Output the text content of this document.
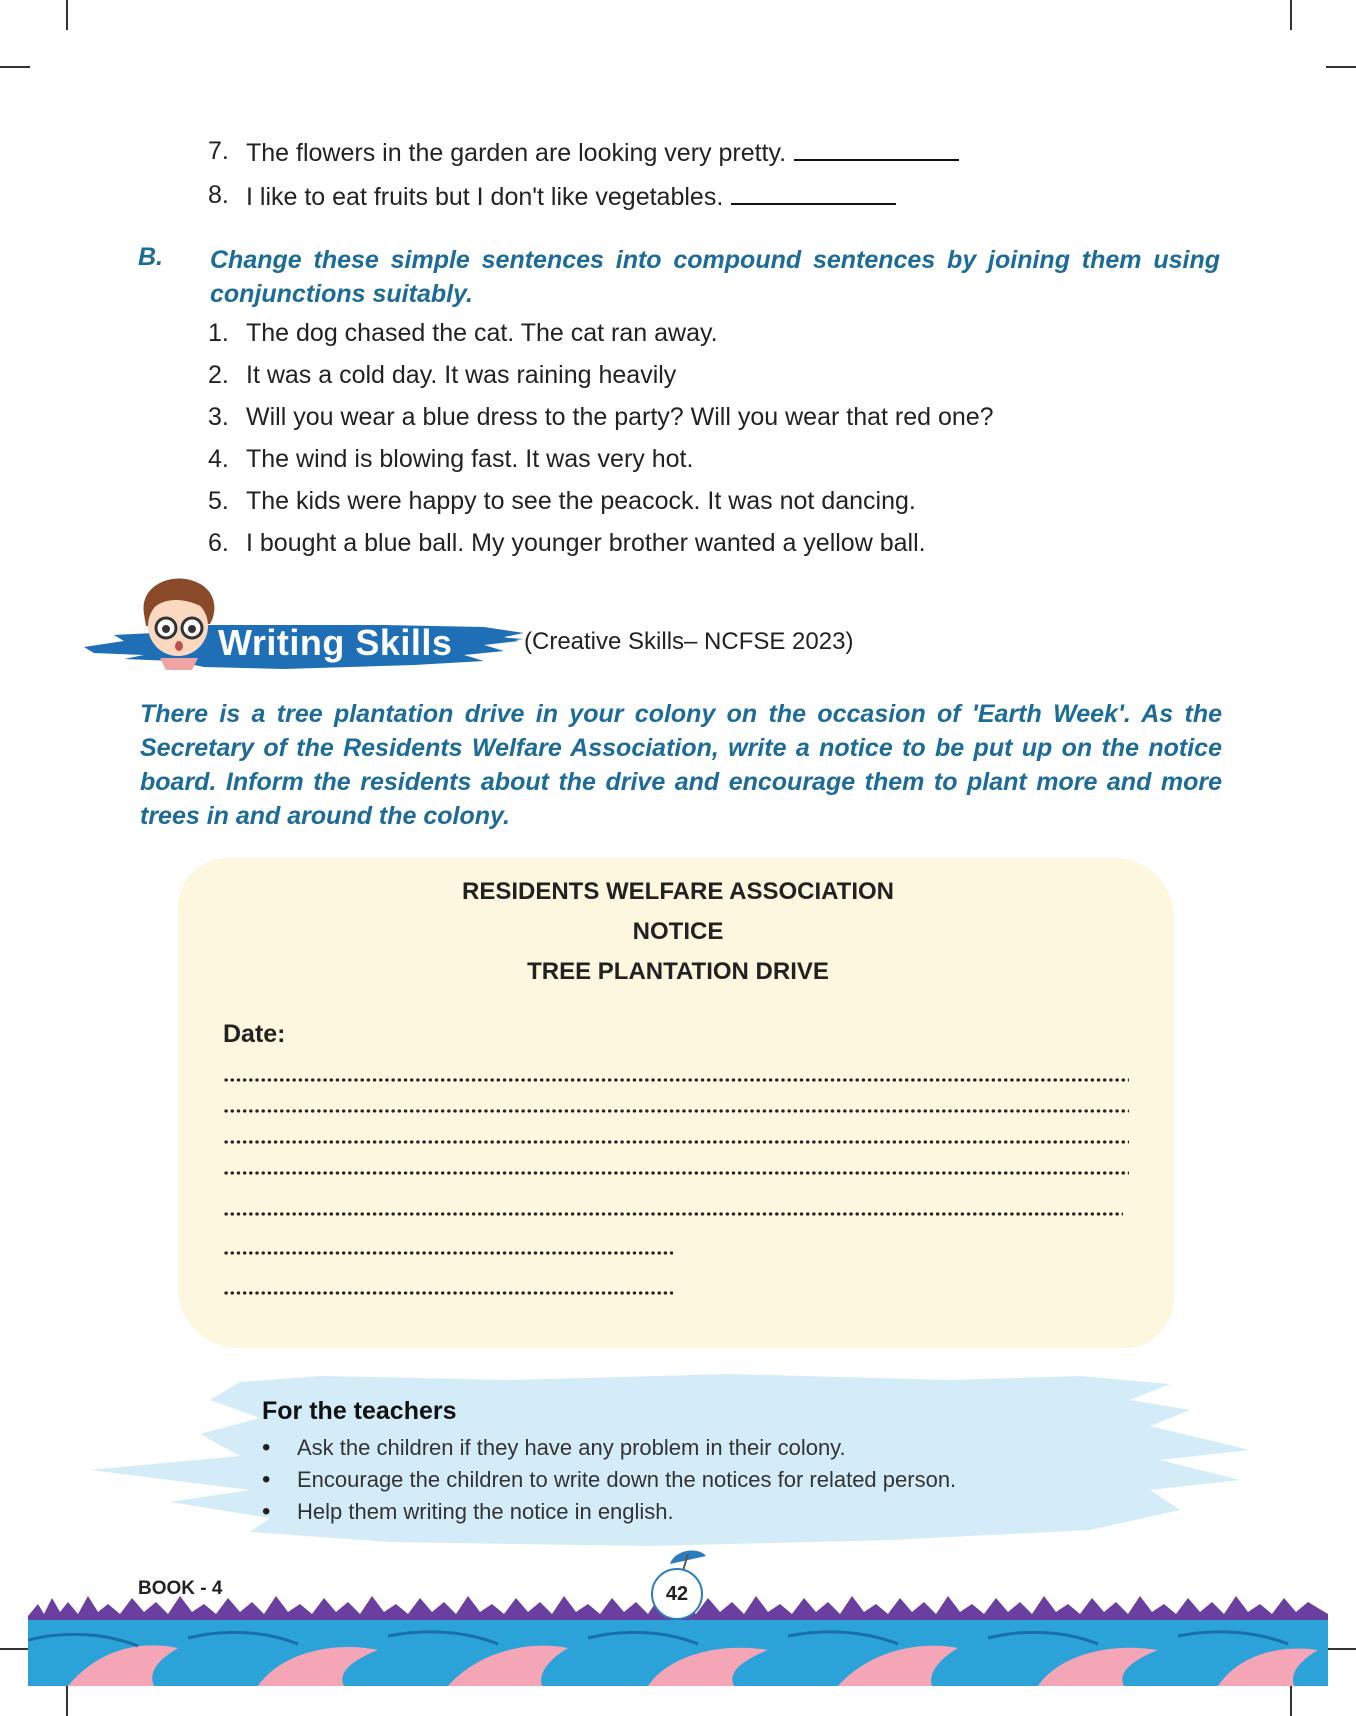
7. The flowers in the garden are looking very pretty.
8. I like to eat fruits but I don't like vegetables.
B. Change these simple sentences into compound sentences by joining them using conjunctions suitably.
1. The dog chased the cat. The cat ran away.
2. It was a cold day. It was raining heavily
3. Will you wear a blue dress to the party? Will you wear that red one?
4. The wind is blowing fast. It was very hot.
5. The kids were happy to see the peacock. It was not dancing.
6. I bought a blue ball. My younger brother wanted a yellow ball.
Writing Skills	(Creative Skills– NCFSE 2023)
There is a tree plantation drive in your colony on the occasion of 'Earth Week'. As the Secretary of the Residents Welfare Association, write a notice to be put up on the notice board. Inform the residents about the drive and encourage them to plant more and more trees in and around the colony.
RESIDENTS WELFARE ASSOCIATION
NOTICE
TREE PLANTATION DRIVE
Date:
For the teachers
• Ask the children if they have any problem in their colony.
• Encourage the children to write down the notices for related person.
• Help them writing the notice in english.
BOOK - 4	42
